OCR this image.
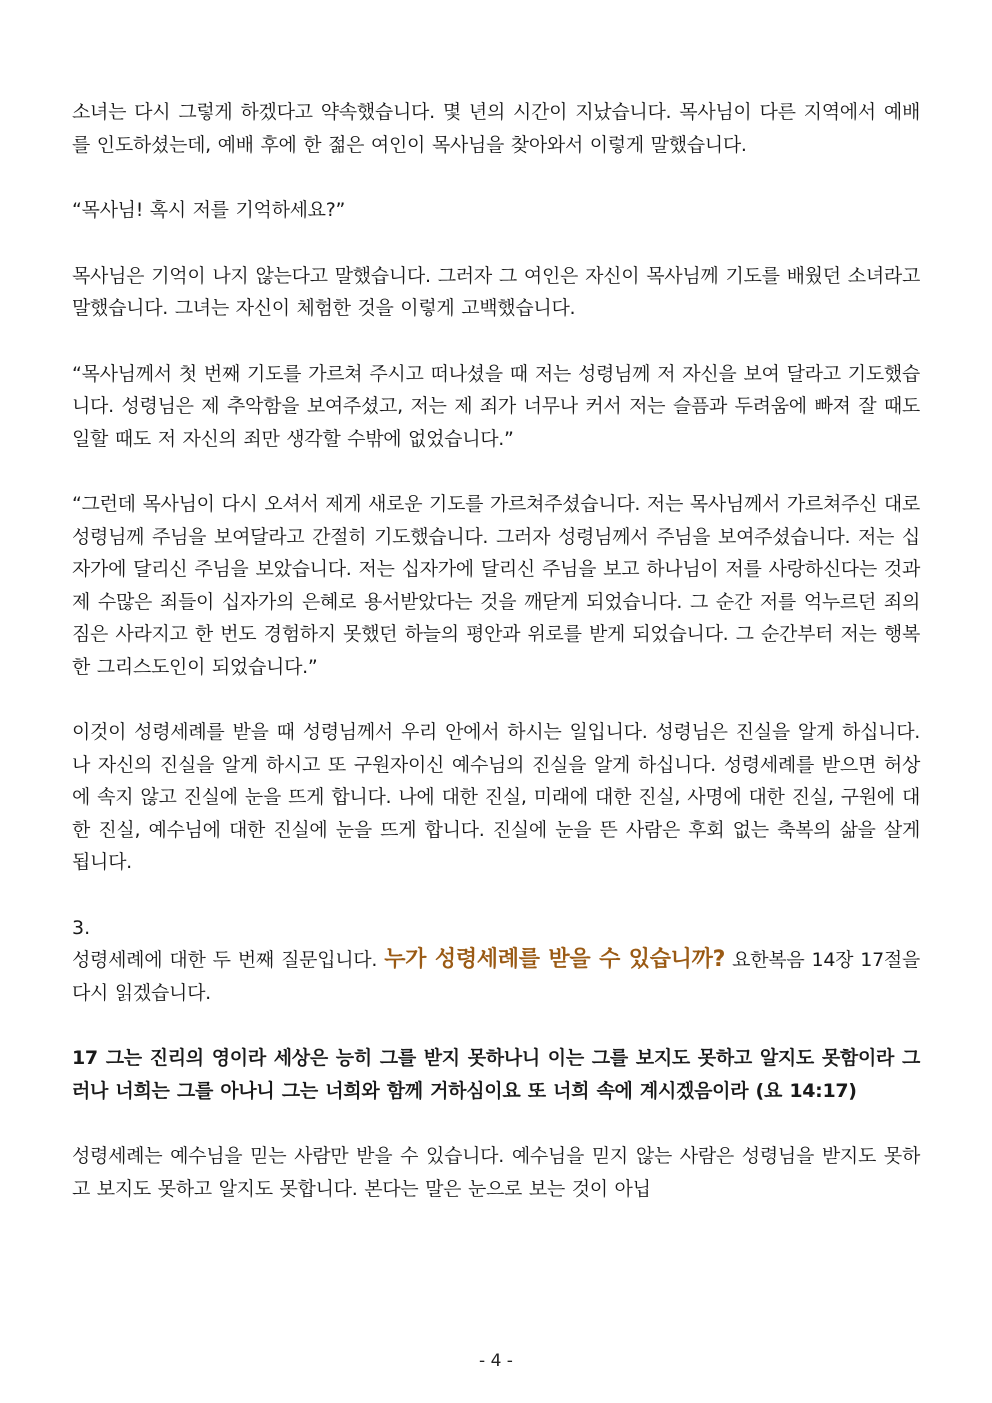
소녀는 다시 그렇게 하겠다고 약속했습니다. 몇 년의 시간이 지났습니다. 목사님이 다른 지역에서 예배를 인도하셨는데, 예배 후에 한 젊은 여인이 목사님을 찾아와서 이렇게 말했습니다.

“목사님! 혹시 저를 기억하세요?”

목사님은 기억이 나지 않는다고 말했습니다. 그러자 그 여인은 자신이 목사님께 기도를 배웠던 소녀라고 말했습니다. 그녀는 자신이 체험한 것을 이렇게 고백했습니다.

“목사님께서 첫 번째 기도를 가르쳐 주시고 떠나셨을 때 저는 성령님께 저 자신을 보여 달라고 기도했습니다. 성령님은 제 추악함을 보여주셨고, 저는 제 죄가 너무나 커서 저는 슬픔과 두려움에 빠져 잘 때도 일할 때도 저 자신의 죄만 생각할 수밖에 없었습니다.”

“그런데 목사님이 다시 오셔서 제게 새로운 기도를 가르쳐주셨습니다. 저는 목사님께서 가르쳐주신 대로 성령님께 주님을 보여달라고 간절히 기도했습니다. 그러자 성령님께서 주님을 보여주셨습니다. 저는 십자가에 달리신 주님을 보았습니다. 저는 십자가에 달리신 주님을 보고 하나님이 저를 사랑하신다는 것과 제 수많은 죄들이 십자가의 은혜로 용서받았다는 것을 깨닫게 되었습니다. 그 순간 저를 억누르던 죄의 짐은 사라지고 한 번도 경험하지 못했던 하늘의 평안과 위로를 받게 되었습니다. 그 순간부터 저는 행복한 그리스도인이 되었습니다.”

이것이 성령세례를 받을 때 성령님께서 우리 안에서 하시는 일입니다. 성령님은 진실을 알게 하십니다. 나 자신의 진실을 알게 하시고 또 구원자이신 예수님의 진실을 알게 하십니다. 성령세례를 받으면 허상에 속지 않고 진실에 눈을 뜨게 합니다. 나에 대한 진실, 미래에 대한 진실, 사명에 대한 진실, 구원에 대한 진실, 예수님에 대한 진실에 눈을 뜨게 합니다. 진실에 눈을 뜬 사람은 후회 없는 축복의 삶을 살게 됩니다.

3.

성령세례에 대한 두 번째 질문입니다. 누가 성령세례를 받을 수 있습니까? 요한복음 14장 17절을 다시 읽겠습니다.

17 그는 진리의 영이라 세상은 능히 그를 받지 못하나니 이는 그를 보지도 못하고 알지도 못함이라 그러나 너희는 그를 아나니 그는 너희와 함께 거하심이요 또 너희 속에 계시겠음이라 (요 14:17)

성령세례는 예수님을 믿는 사람만 받을 수 있습니다. 예수님을 믿지 않는 사람은 성령님을 받지도 못하고 보지도 못하고 알지도 못합니다. 본다는 말은 눈으로 보는 것이 아닙

- 4 -
